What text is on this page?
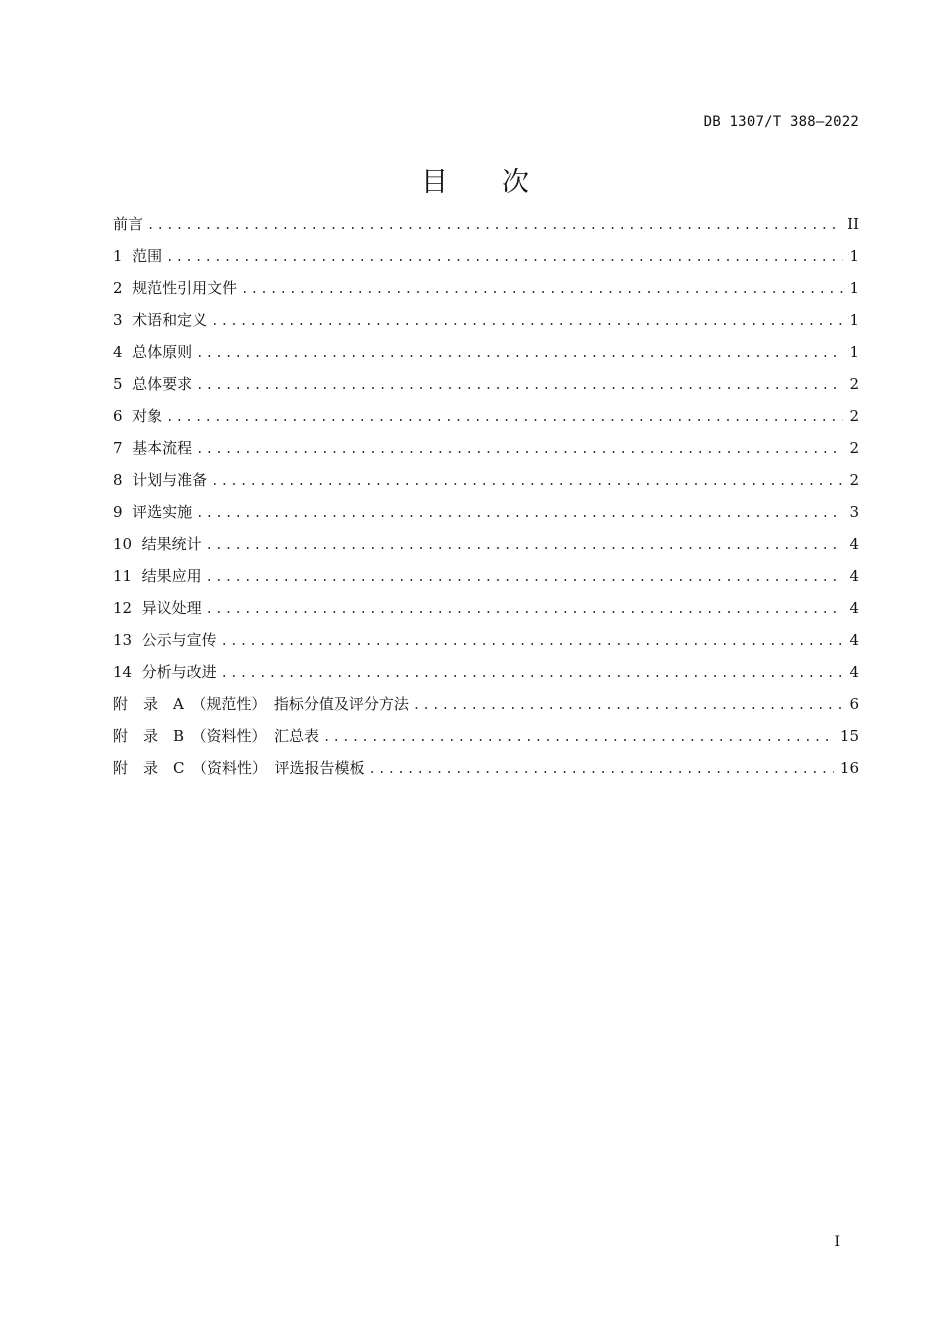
DB 1307/T 388—2022
目　　次
前言 .....	II
1  范围 .....	1
2  规范性引用文件 .....	1
3  术语和定义 .....	1
4  总体原则 .....	1
5  总体要求 .....	2
6  对象 .....	2
7  基本流程 .....	2
8  计划与准备 .....	2
9  评选实施 .....	3
10  结果统计 .....	4
11  结果应用 .....	4
12  异议处理 .....	4
13  公示与宣传 .....	4
14  分析与改进 .....	4
附　录　A　（规范性）　指标分值及评分方法 .....	6
附　录　B　（资料性）　汇总表 .....	15
附　录　C　（资料性）　评选报告模板 .....	16
I
